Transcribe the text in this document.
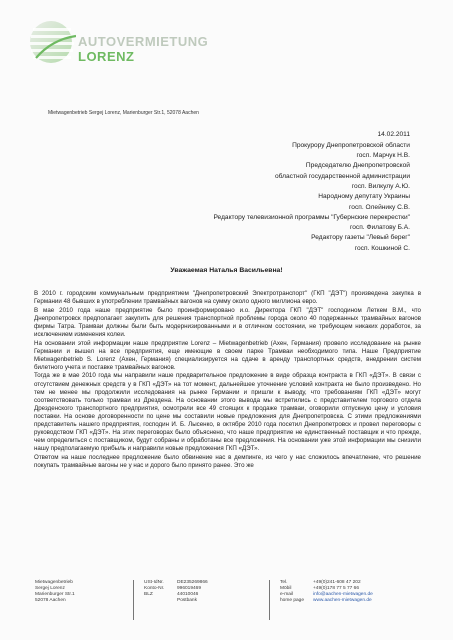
AUTOVERMIETUNG
LORENZ
Mietwagenbetrieb Sergej Lorenz, Marienburger Str.1, 52078 Aachen
14.02.2011
Прокурору Днепропетровской области
госп. Марчук Н.В.
Председателю Днепропетровской
областной государственной администрации
госп. Вилкулу А.Ю.
Народному депутату Украины
госп. Олейнику С.В.
Редактору телевизионной программы "Губернские перекрестки"
госп. Филатову Б.А.
Редактору газеты "Левый берег"
госп. Кошкиной С.
Уважаемая Наталья Васильевна!

В 2010 г. городским коммунальным предприятием "Днепропетровский Электротранспорт" (ГКП "ДЭТ") произведена закупка в Германии 48 бывших в употреблении трамвайных вагонов на сумму около одного миллиона евро.

В мае 2010 года наше предприятие было проинформировано и.о. Директора ГКП "ДЭТ" господином Леткем В.М., что Днепропетровск предполагает закупить для решения транспортной проблемы города около 40 подержанных трамвайных вагонов фирмы Татра. Трамваи должны были быть модернизированными и в отличном состоянии, не требующем никаких доработок, за исключением изменения колеи.

На основании этой информации наше предприятие Lorenz – Mietwagenbetrieb (Ахен, Германия) провело исследование на рынке Германии и вышел на все предприятия, еще имеющие в своем парке Трамваи необходимого типа. Наше Предприятие Mietwagenbetrieb S. Lorenz (Ахен, Германия) специализируется на сдаче в аренду транспортных средств, внедрении систем билетного учета и поставке трамвайных вагонов.

Тогда же в мае 2010 года мы направили наше предварительное предложение в виде образца контракта в ГКП «ДЭТ». В связи с отсутствием денежных средств у в ГКП «ДЭТ» на тот момент, дальнейшее уточнение условий контракта не было произведено. Но тем не менее мы продолжили исследования на рынке Германии и пришли к выводу, что требованиям ГКП «ДЭТ» могут соответствовать только трамваи из Дрездена. На основании этого вывода мы встретились с представителем торгового отдела Дрезденского транспортного предприятия, осмотрели все 49 стоящих к продаже трамваи, оговорили отпускную цену и условия поставки. На основе договоренности по цене мы составили новые предложения для Днепропетровска. С этими предложениями представитель нашего предприятия, господин И. Б. Лысенко, в октябре 2010 года посетил Днепропетровск и провел переговоры с руководством ГКП «ДЭТ». На этих переговорах было объяснено, что наше предприятие не единственный поставщик и что прежде, чем определиться с поставщиком, будут собраны и обработаны все предложения. На основании уже этой информации мы снизили нашу предполагаемую прибыль и направили новые предложения ГКП «ДЭТ».

Ответом на наше последнее предложение было обвинение нас в демпинге, из чего у нас сложилось впечатление, что решение покупать трамвайные вагоны не у нас и дорого было принято ранее. Это же

Mietwagenbetrieb
Sergej Lorenz
Marienburger Str.1
52078 Aachen
USt-IdNr.	DE235269866
Konto-Nr.	996019469
BLZ	44010046
Postbank
Tel.	+49(0)241-608 47 202
Möbil	+49(0)178 77 5 77 66
e-mail	info@aachen-mietwagen.de
home page www.aachen-mietwagen.de
